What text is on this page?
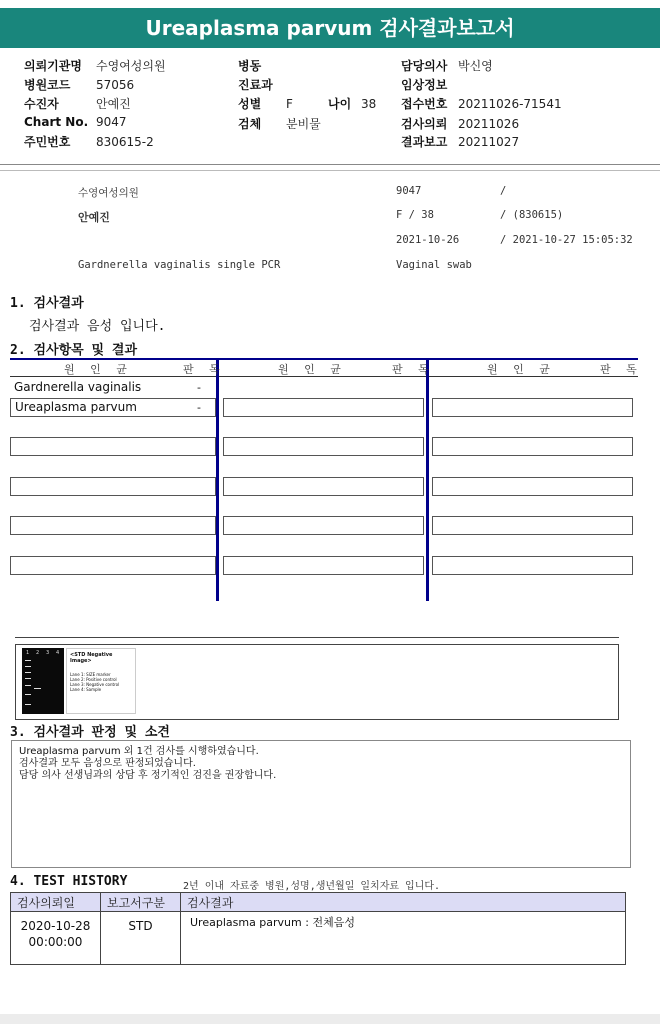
Ureaplasma parvum 검사결과보고서
의뢰기관명 수영여성의원
병원코드 57056
수진자	안예진
Chart No. 9047
주민번호 830615-2
병동
진료과
성별 F	나이 38
검체 분비물
담당의사 박신영
임상정보
접수번호 20211026-71541
검사의뢰 20211026
결과보고 20211027
수영여성의원	9047	/
안예진	F / 38	/ (830615)
2021-10-26	/ 2021-10-27 15:05:32
Gardnerella vaginalis single PCR	Vaginal swab
1. 검사결과
검사결과 음성 입니다.
2. 검사항목 및 결과
원 인 균	판 독	원 인 균	판 독	원 인 균	판 독
Gardnerella vaginalis	-
Ureaplasma parvum	-
1 2 3 4 <STD Negative Image>
Lane 1: SIZE marker
Lane 2: Positive control
Lane 3: Negative control
Lane 4: Sample
3. 검사결과 판정 및 소견
Ureaplasma parvum 외 1건 검사를 시행하였습니다.
검사결과 모두 음성으로 판정되었습니다.
담당 의사 선생님과의 상담 후 정기적인 검진을 권장합니다.
4. TEST HISTORY	2년 이내 자료중 병원,성명,생년월일 일치자료 입니다.
검사의뢰일	보고서구분	검사결과

2020-10-28
00:00:00	STD	Ureaplasma parvum : 전체음성
